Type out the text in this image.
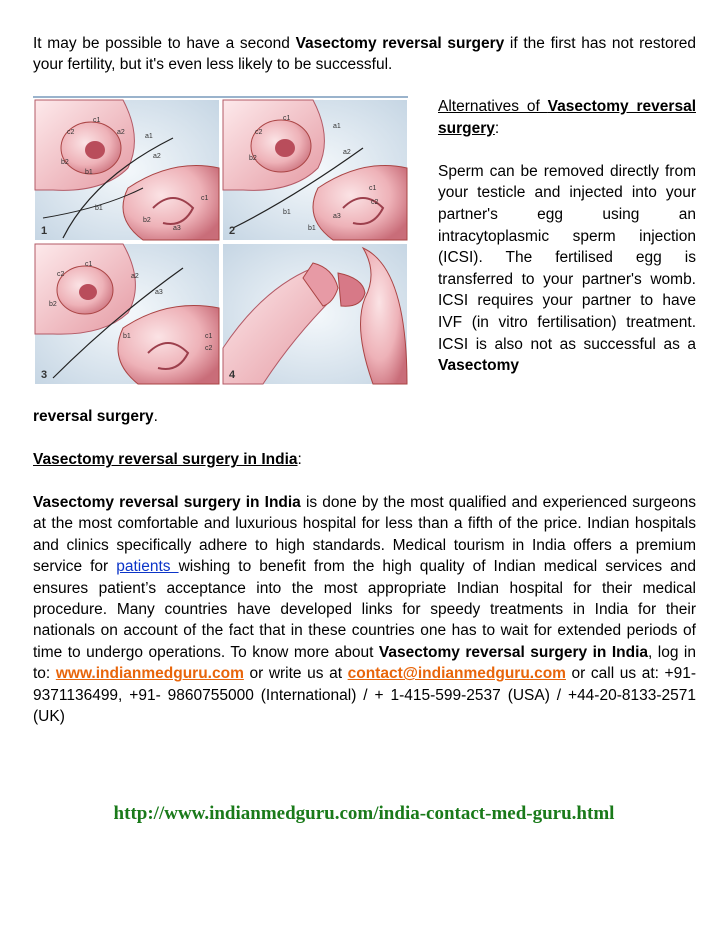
It may be possible to have a second Vasectomy reversal surgery if the first has not restored your fertility, but it's even less likely to be successful.

1	2
3	4
c1
c2	a2
a1
b2
b1
b1
b2
a2
c1
a3
c1
c2
a1
a2
b2
b1
c1
c2
b1
a3
c1
c2	a2
b2
a3
b1	c1
c2

Alternatives of Vasectomy reversal surgery:

Sperm can be removed directly from your testicle and injected into your partner's egg using an intracytoplasmic sperm injection (ICSI). The fertilised egg is transferred to your partner's womb. ICSI requires your partner to have IVF (in vitro fertilisation) treatment. ICSI is also not as successful as a Vasectomy

reversal surgery.

Vasectomy reversal surgery in India:

Vasectomy reversal surgery in India is done by the most qualified and experienced surgeons at the most comfortable and luxurious hospital for less than a fifth of the price. Indian hospitals and clinics specifically adhere to high standards. Medical tourism in India offers a premium service for patients wishing to benefit from the high quality of Indian medical services and ensures patient’s acceptance into the most appropriate Indian hospital for their medical procedure. Many countries have developed links for speedy treatments in India for their nationals on account of the fact that in these countries one has to wait for extended periods of time to undergo operations. To know more about Vasectomy reversal surgery in India, log in to: www.indianmedguru.com or write us at contact@indianmedguru.com or call us at: +91-9371136499, +91- 9860755000 (International) / + 1-415-599-2537 (USA) / +44-20-8133-2571 (UK)

http://www.indianmedguru.com/india-contact-med-guru.html
